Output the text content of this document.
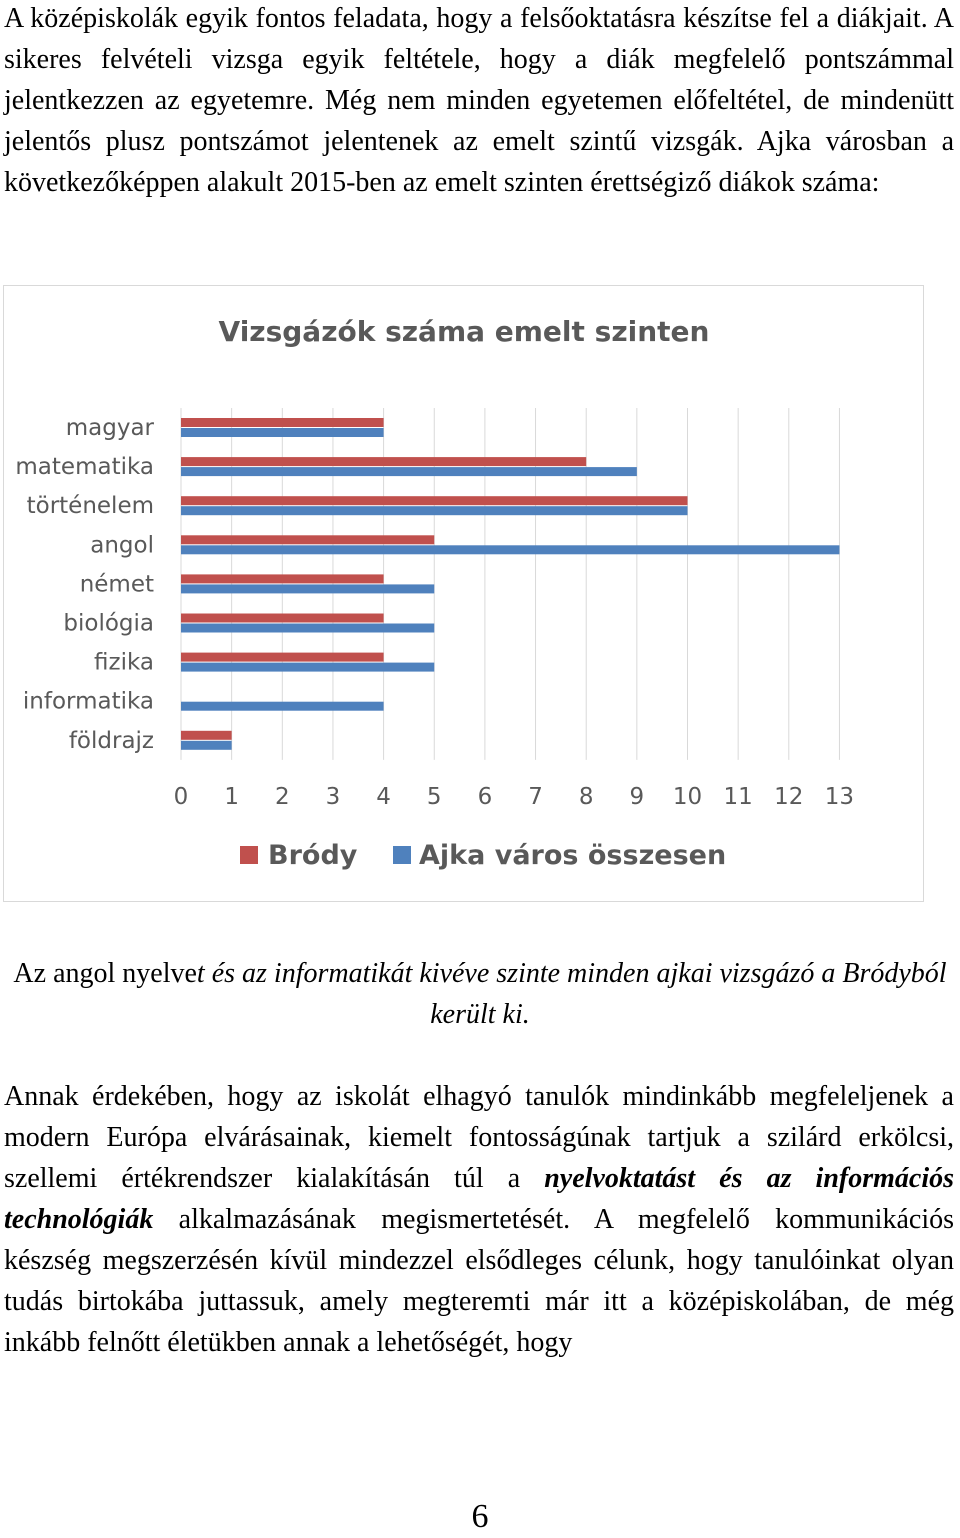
A középiskolák egyik fontos feladata, hogy a felsőoktatásra készítse fel a diákjait. A sikeres felvételi vizsga egyik feltétele, hogy a diák megfelelő pontszámmal jelentkezzen az egyetemre. Még nem minden egyetemen előfeltétel, de mindenütt jelentős plusz pontszámot jelentenek az emelt szintű vizsgák. Ajka városban a következőképpen alakult 2015-ben az emelt szinten érettségiző diákok száma:

Vizsgázók száma emelt szinten
magyar
matematika
történelem
angol
német
biológia
fizika
informatika
földrajz
0 1 2 3 4 5 6 7 8 9 10 11 12 13
Bródy Ajka város összesen

Az angol nyelvet és az informatikát kivéve szinte minden ajkai vizsgázó a Bródyból került ki.

Annak érdekében, hogy az iskolát elhagyó tanulók mindinkább megfeleljenek a modern Európa elvárásainak, kiemelt fontosságúnak tartjuk a szilárd erkölcsi, szellemi értékrendszer kialakításán túl a nyelvoktatást és az információs technológiák alkalmazásának megismertetését. A megfelelő kommunikációs készség megszerzésén kívül mindezzel elsődleges célunk, hogy tanulóinkat olyan tudás birtokába juttassuk, amely megteremti már itt a középiskolában, de még inkább felnőtt életükben annak a lehetőségét, hogy

6
